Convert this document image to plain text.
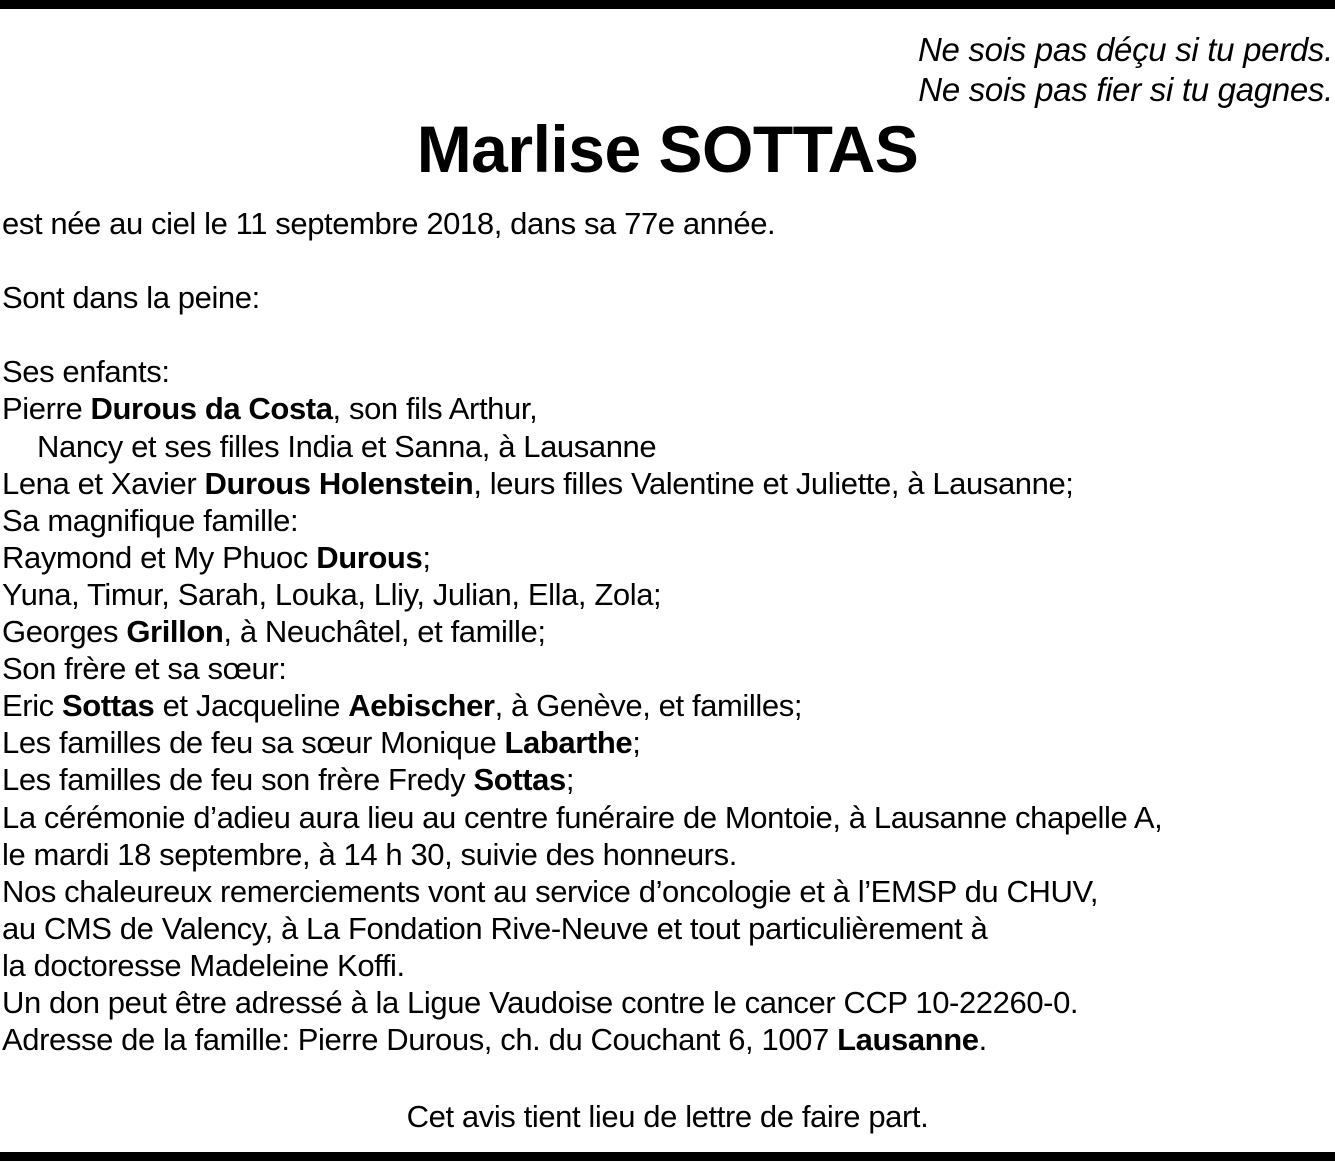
Ne sois pas déçu si tu perds.
Ne sois pas fier si tu gagnes.
Marlise SOTTAS
est née au ciel le 11 septembre 2018, dans sa 77e année.
Sont dans la peine:
Ses enfants:
Pierre Durous da Costa, son fils Arthur,
Nancy et ses filles India et Sanna, à Lausanne
Lena et Xavier Durous Holenstein, leurs filles Valentine et Juliette, à Lausanne;
Sa magnifique famille:
Raymond et My Phuoc Durous;
Yuna, Timur, Sarah, Louka, Lliy, Julian, Ella, Zola;
Georges Grillon, à Neuchâtel, et famille;
Son frère et sa sœur:
Eric Sottas et Jacqueline Aebischer, à Genève, et familles;
Les familles de feu sa sœur Monique Labarthe;
Les familles de feu son frère Fredy Sottas;
La cérémonie d’adieu aura lieu au centre funéraire de Montoie, à Lausanne chapelle A,
le mardi 18 septembre, à 14 h 30, suivie des honneurs.
Nos chaleureux remerciements vont au service d’oncologie et à l’EMSP du CHUV,
au CMS de Valency, à La Fondation Rive-Neuve et tout particulièrement à
la doctoresse Madeleine Koffi.
Un don peut être adressé à la Ligue Vaudoise contre le cancer CCP 10-22260-0.
Adresse de la famille: Pierre Durous, ch. du Couchant 6, 1007 Lausanne.
Cet avis tient lieu de lettre de faire part.
